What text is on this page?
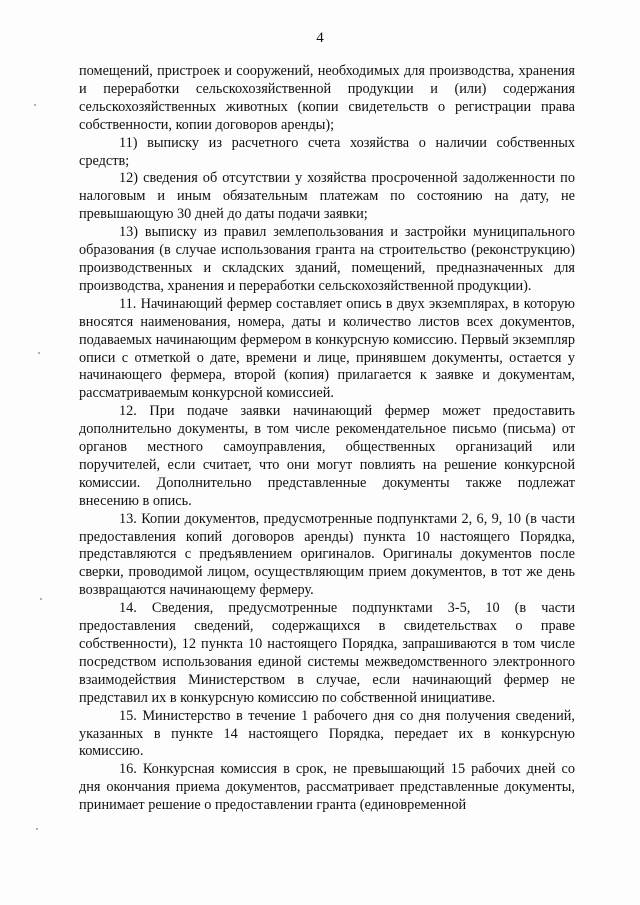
4

помещений, пристроек и сооружений, необходимых для производства, хранения и переработки сельскохозяйственной продукции и (или) содержания сельскохозяйственных животных (копии свидетельств о регистрации права собственности, копии договоров аренды);

11) выписку из расчетного счета хозяйства о наличии собственных средств;

12) сведения об отсутствии у хозяйства просроченной задолженности по налоговым и иным обязательным платежам по состоянию на дату, не превышающую 30 дней до даты подачи заявки;

13) выписку из правил землепользования и застройки муниципального образования (в случае использования гранта на строительство (реконструкцию) производственных и складских зданий, помещений, предназначенных для производства, хранения и переработки сельскохозяйственной продукции).

11. Начинающий фермер составляет опись в двух экземплярах, в которую вносятся наименования, номера, даты и количество листов всех документов, подаваемых начинающим фермером в конкурсную комиссию. Первый экземпляр описи с отметкой о дате, времени и лице, принявшем документы, остается у начинающего фермера, второй (копия) прилагается к заявке и документам, рассматриваемым конкурсной комиссией.

12. При подаче заявки начинающий фермер может предоставить дополнительно документы, в том числе рекомендательное письмо (письма) от органов местного самоуправления, общественных организаций или поручителей, если считает, что они могут повлиять на решение конкурсной комиссии. Дополнительно представленные документы также подлежат внесению в опись.

13. Копии документов, предусмотренные подпунктами 2, 6, 9, 10 (в части предоставления копий договоров аренды) пункта 10 настоящего Порядка, представляются с предъявлением оригиналов. Оригиналы документов после сверки, проводимой лицом, осуществляющим прием документов, в тот же день возвращаются начинающему фермеру.

14. Сведения, предусмотренные подпунктами 3-5, 10 (в части предоставления сведений, содержащихся в свидетельствах о праве собственности), 12 пункта 10 настоящего Порядка, запрашиваются в том числе посредством использования единой системы межведомственного электронного взаимодействия Министерством в случае, если начинающий фермер не представил их в конкурсную комиссию по собственной инициативе.

15. Министерство в течение 1 рабочего дня со дня получения сведений, указанных в пункте 14 настоящего Порядка, передает их в конкурсную комиссию.

16. Конкурсная комиссия в срок, не превышающий 15 рабочих дней со дня окончания приема документов, рассматривает представленные документы, принимает решение о предоставлении гранта (единовременной
